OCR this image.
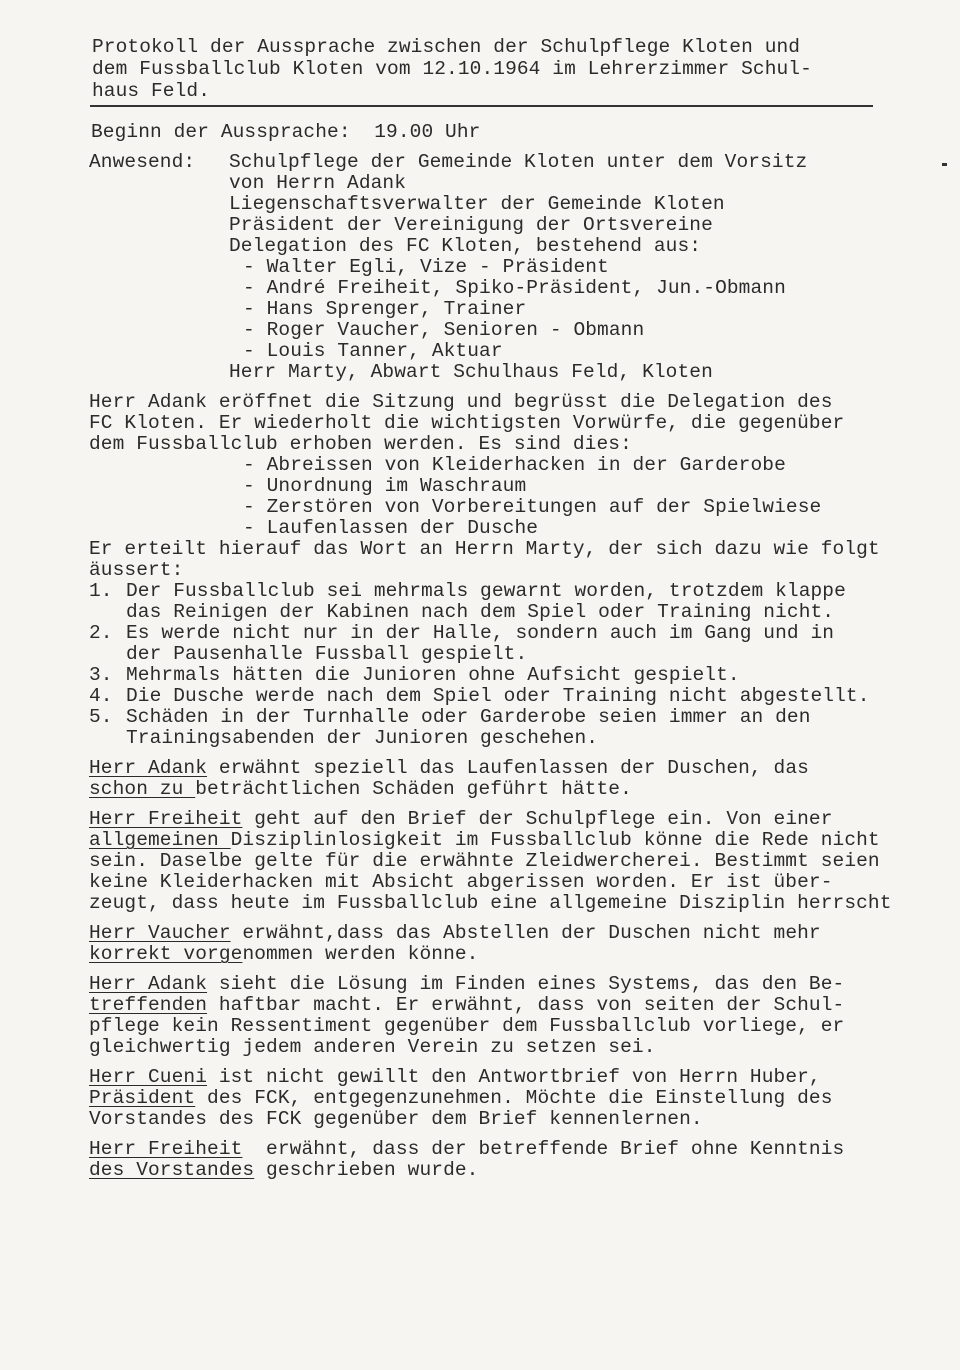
Protokoll der Aussprache zwischen der Schulpflege Kloten und
dem Fussballclub Kloten vom 12.10.1964 im Lehrerzimmer Schul-
haus Feld.
Beginn der Aussprache:  19.00 Uhr
Anwesend: Schulpflege der Gemeinde Kloten unter dem Vorsitz
von Herrn Adank
Liegenschaftsverwalter der Gemeinde Kloten
Präsident der Vereinigung der Ortsvereine
Delegation des FC Kloten, bestehend aus:
- Walter Egli, Vize - Präsident
- André Freiheit, Spiko-Präsident, Jun.-Obmann
- Hans Sprenger, Trainer
- Roger Vaucher, Senioren - Obmann
- Louis Tanner, Aktuar
Herr Marty, Abwart Schulhaus Feld, Kloten
Herr Adank eröffnet die Sitzung und begrüsst die Delegation des
FC Kloten. Er wiederholt die wichtigsten Vorwürfe, die gegenüber
dem Fussballclub erhoben werden. Es sind dies:
- Abreissen von Kleiderhacken in der Garderobe
- Unordnung im Waschraum
- Zerstören von Vorbereitungen auf der Spielwiese
- Laufenlassen der Dusche
Er erteilt hierauf das Wort an Herrn Marty, der sich dazu wie folgt
äussert:
1. Der Fussballclub sei mehrmals gewarnt worden, trotzdem klappe
das Reinigen der Kabinen nach dem Spiel oder Training nicht.
2. Es werde nicht nur in der Halle, sondern auch im Gang und in
der Pausenhalle Fussball gespielt.
3. Mehrmals hätten die Junioren ohne Aufsicht gespielt.
4. Die Dusche werde nach dem Spiel oder Training nicht abgestellt.
5. Schäden in der Turnhalle oder Garderobe seien immer an den
Trainingsabenden der Junioren geschehen.
Herr Adank erwähnt speziell das Laufenlassen der Duschen, das
schon zu beträchtlichen Schäden geführt hätte.
Herr Freiheit geht auf den Brief der Schulpflege ein. Von einer
allgemeinen Disziplinlosigkeit im Fussballclub könne die Rede nicht
sein. Daselbe gelte für die erwähnte Zleidwercherei. Bestimmt seien
keine Kleiderhacken mit Absicht abgerissen worden. Er ist über-
zeugt, dass heute im Fussballclub eine allgemeine Disziplin herrscht
Herr Vaucher erwähnt,dass das Abstellen der Duschen nicht mehr
korrekt vorgenommen werden könne.
Herr Adank sieht die Lösung im Finden eines Systems, das den Be-
treffenden haftbar macht. Er erwähnt, dass von seiten der Schul-
pflege kein Ressentiment gegenüber dem Fussballclub vorliege, er
gleichwertig jedem anderen Verein zu setzen sei.
Herr Cueni ist nicht gewillt den Antwortbrief von Herrn Huber,
Präsident des FCK, entgegenzunehmen. Möchte die Einstellung des
Vorstandes des FCK gegenüber dem Brief kennenlernen.
Herr Freiheit  erwähnt, dass der betreffende Brief ohne Kenntnis
des Vorstandes geschrieben wurde.
